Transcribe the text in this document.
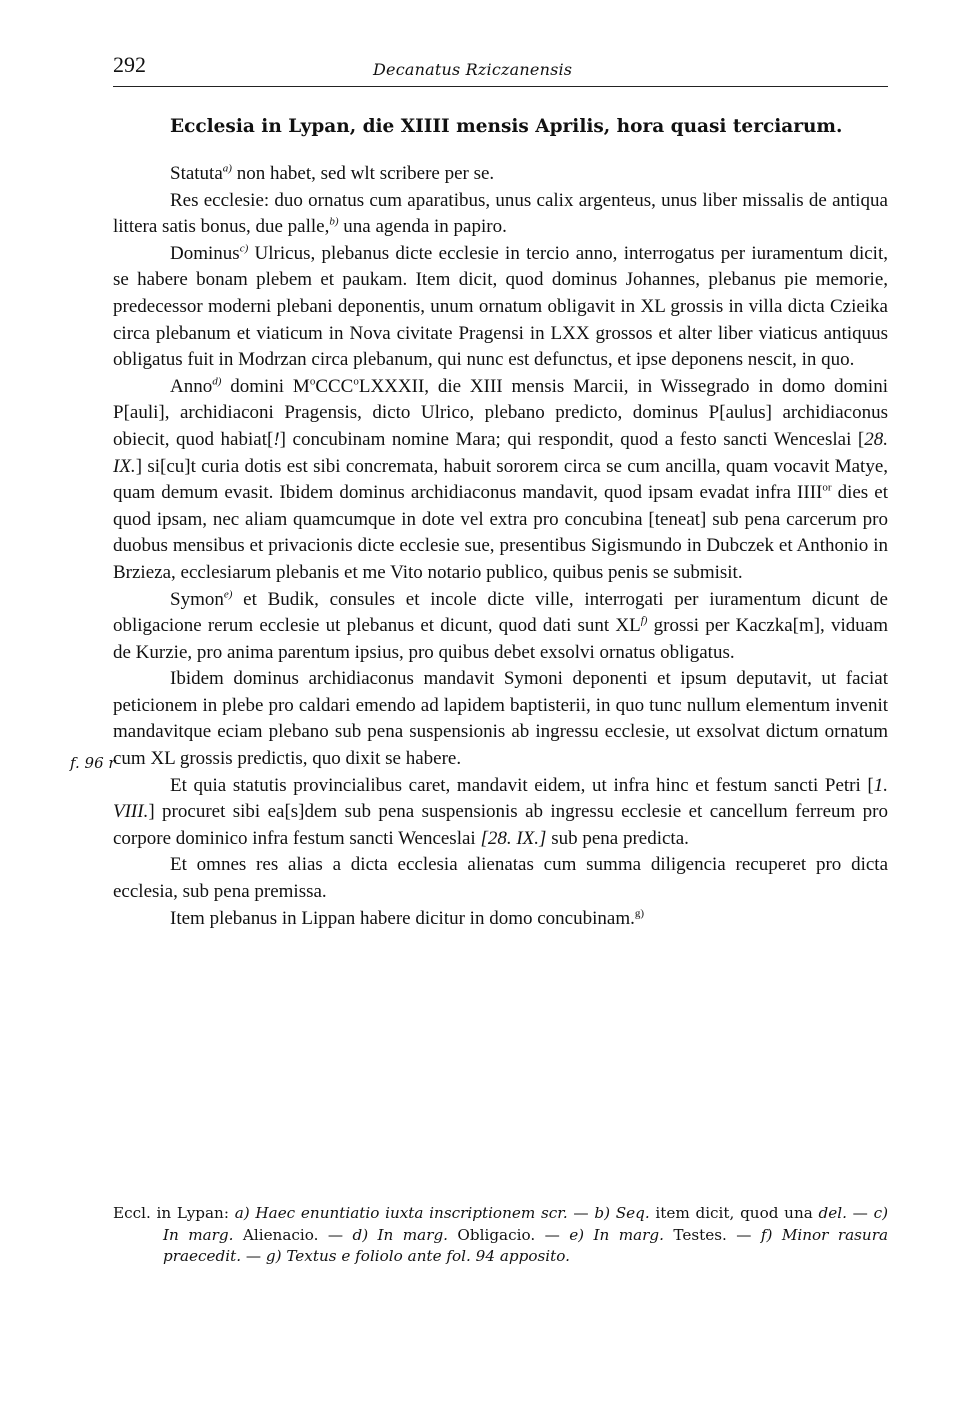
292	Decanatus Rziczanensis
Ecclesia in Lypan, die XIIII mensis Aprilis, hora quasi terciarum.
f. 96 r

Statuta$^{a)}$ non habet, sed wlt scribere per se.

Res ecclesie: duo ornatus cum aparatibus, unus calix argenteus, unus liber missalis de antiqua littera satis bonus, due palle,$^{b)}$ una agenda in papiro.

Dominus$^{c)}$ Ulricus, plebanus dicte ecclesie in tercio anno, interrogatus per iuramentum dicit, se habere bonam plebem et paukam. Item dicit, quod dominus Johannes, plebanus pie memorie, predecessor moderni plebani deponentis, unum ornatum obligavit in XL grossis in villa dicta Czieika circa plebanum et viaticum in Nova civitate Pragensi in LXX grossos et alter liber viaticus antiquus obligatus fuit in Modrzan circa plebanum, qui nunc est defunctus, et ipse deponens nescit, in quo.

Anno$^{d)}$ domini M$^o$CCC$^o$LXXXII, die XIII mensis Marcii, in Wissegrado in domo domini P[auli], archidiaconi Pragensis, dicto Ulrico, plebano predicto, dominus P[aulus] archidiaconus obiecit, quod habiat[!] concubinam nomine Mara; qui respondit, quod a festo sancti Wenceslai [28. IX.] si[cu]t curia dotis est sibi concremata, habuit sororem circa se cum ancilla, quam vocavit Matye, quam demum evasit. Ibidem dominus archidiaconus mandavit, quod ipsam evadat infra IIII$^{or}$ dies et quod ipsam, nec aliam quamcumque in dote vel extra pro concubina [teneat] sub pena carcerum pro duobus mensibus et privacionis dicte ecclesie sue, presentibus Sigismundo in Dubczek et Anthonio in Brzieza, ecclesiarum plebanis et me Vito notario publico, quibus penis se submisit.

Symon$^{e)}$ et Budik, consules et incole dicte ville, interrogati per iuramentum dicunt de obligacione rerum ecclesie ut plebanus et dicunt, quod dati sunt XL$^{f)}$ grossi per Kaczka[m], viduam de Kurzie, pro anima parentum ipsius, pro quibus debet exsolvi ornatus obligatus.

Ibidem dominus archidiaconus mandavit Symoni deponenti et ipsum deputavit, ut faciat peticionem in plebe pro caldari emendo ad lapidem baptisterii, in quo tunc nullum elementum invenit mandavitque eciam plebano sub pena suspensionis ab ingressu ecclesie, ut exsolvat dictum ornatum cum XL grossis predictis, quo dixit se habere.

Et quia statutis provincialibus caret, mandavit eidem, ut infra hinc et festum sancti Petri [1. VIII.] procuret sibi ea[s]dem sub pena suspensionis ab ingressu ecclesie et cancellum ferreum pro corpore dominico infra festum sancti Wenceslai [28. IX.] sub pena predicta.

Et omnes res alias a dicta ecclesia alienatas cum summa diligencia recuperet pro dicta ecclesia, sub pena premissa.

Item plebanus in Lippan habere dicitur in domo concubinam.$^{g)}$

Eccl. in Lypan: a) Haec enuntiatio iuxta inscriptionem scr. — b) Seq. item dicit, quod una del. — c) In marg. Alienacio. — d) In marg. Obligacio. — e) In marg. Testes. — f) Minor rasura praecedit. — g) Textus e foliolo ante fol. 94 apposito.
